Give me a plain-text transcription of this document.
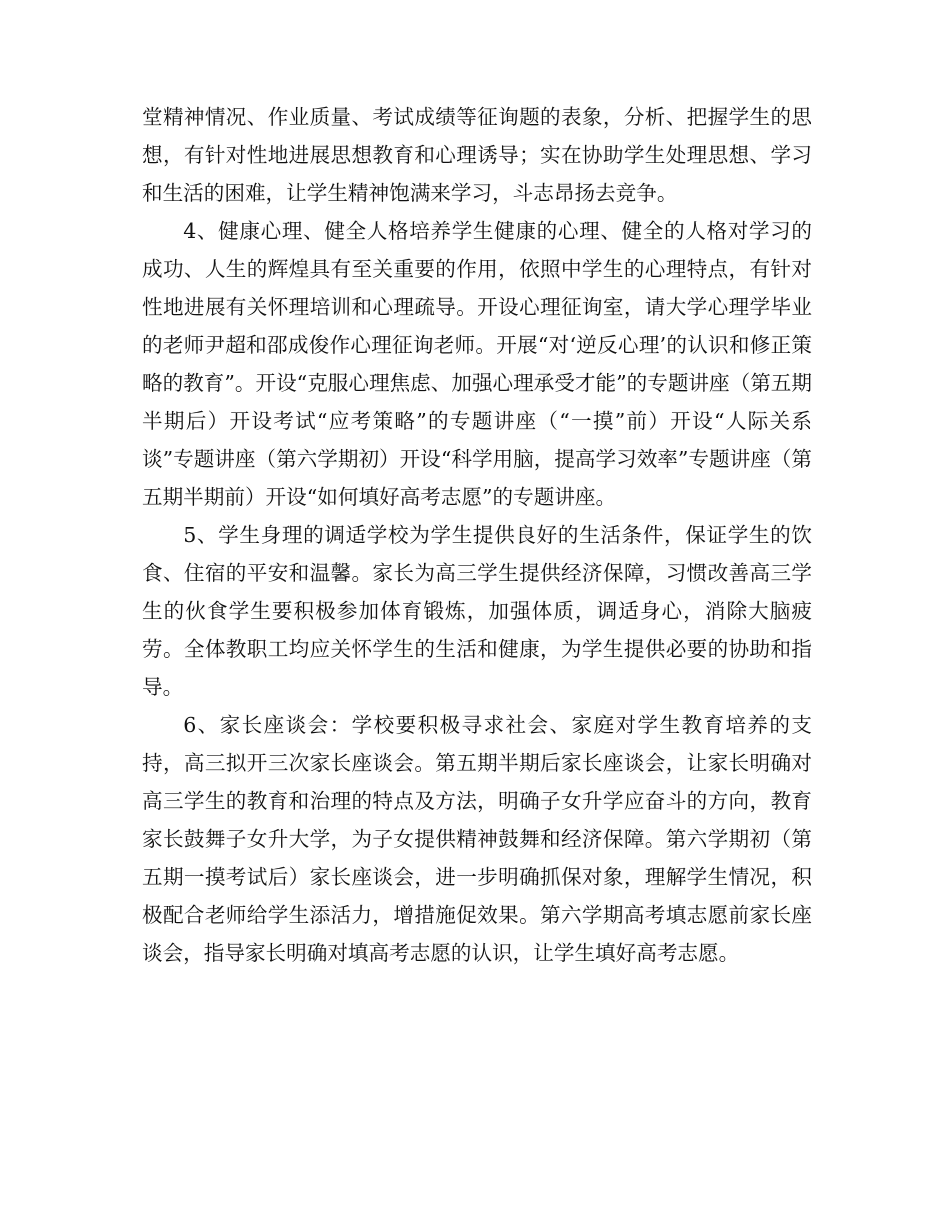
堂精神情况、作业质量、考试成绩等征询题的表象，分析、把握学生的思想，有针对性地进展思想教育和心理诱导；实在协助学生处理思想、学习和生活的困难，让学生精神饱满来学习，斗志昂扬去竞争。

4、健康心理、健全人格培养学生健康的心理、健全的人格对学习的成功、人生的辉煌具有至关重要的作用，依照中学生的心理特点，有针对性地进展有关怀理培训和心理疏导。开设心理征询室，请大学心理学毕业的老师尹超和邵成俊作心理征询老师。开展“对‘逆反心理’的认识和修正策略的教育”。开设“克服心理焦虑、加强心理承受才能”的专题讲座（第五期半期后）开设考试“应考策略”的专题讲座（“一摸”前）开设“人际关系谈”专题讲座（第六学期初）开设“科学用脑，提高学习效率”专题讲座（第五期半期前）开设“如何填好高考志愿”的专题讲座。

5、学生身理的调适学校为学生提供良好的生活条件，保证学生的饮食、住宿的平安和温馨。家长为高三学生提供经济保障，习惯改善高三学生的伙食学生要积极参加体育锻炼，加强体质，调适身心，消除大脑疲劳。全体教职工均应关怀学生的生活和健康，为学生提供必要的协助和指导。

6、家长座谈会：学校要积极寻求社会、家庭对学生教育培养的支持，高三拟开三次家长座谈会。第五期半期后家长座谈会，让家长明确对高三学生的教育和治理的特点及方法，明确子女升学应奋斗的方向，教育家长鼓舞子女升大学，为子女提供精神鼓舞和经济保障。第六学期初（第五期一摸考试后）家长座谈会，进一步明确抓保对象，理解学生情况，积极配合老师给学生添活力，增措施促效果。第六学期高考填志愿前家长座谈会，指导家长明确对填高考志愿的认识，让学生填好高考志愿。
